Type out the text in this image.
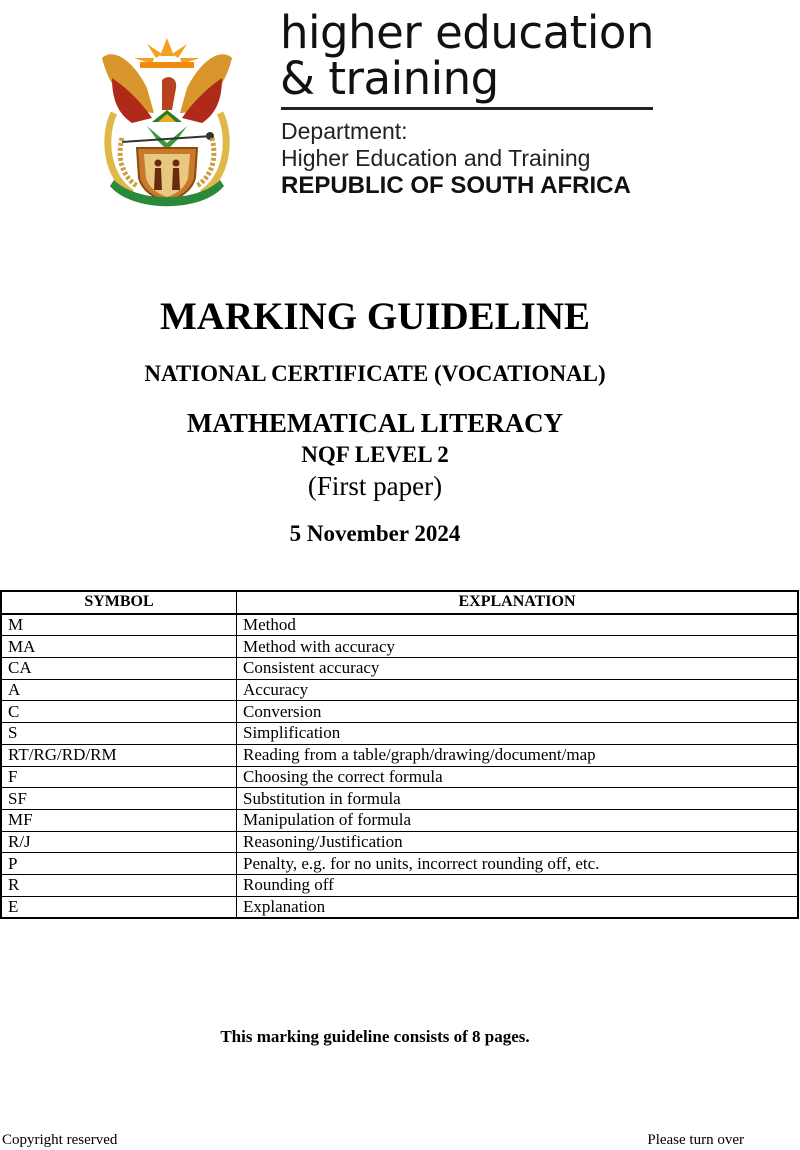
higher education
& training
Department:
Higher Education and Training
REPUBLIC OF SOUTH AFRICA
MARKING GUIDELINE
NATIONAL CERTIFICATE (VOCATIONAL)
MATHEMATICAL LITERACY
NQF LEVEL 2
(First paper)
5 November 2024
SYMBOL	EXPLANATION
M	Method
MA	Method with accuracy
CA	Consistent accuracy
A	Accuracy
C	Conversion
S	Simplification
RT/RG/RD/RM	Reading from a table/graph/drawing/document/map
F	Choosing the correct formula
SF	Substitution in formula
MF	Manipulation of formula
R/J	Reasoning/Justification
P	Penalty, e.g. for no units, incorrect rounding off, etc.
R	Rounding off
E	Explanation
This marking guideline consists of 8 pages.
Copyright reserved	Please turn over
